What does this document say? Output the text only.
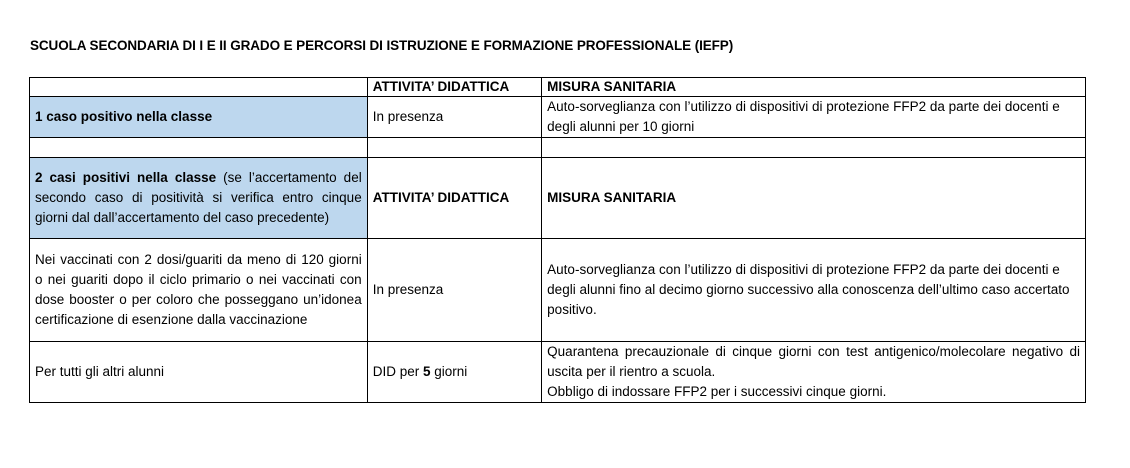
SCUOLA SECONDARIA DI I E II GRADO E PERCORSI DI ISTRUZIONE E FORMAZIONE PROFESSIONALE (IEFP)
	ATTIVITA’ DIDATTICA	MISURA SANITARIA
1 caso positivo nella classe	In presenza	Auto-sorveglianza con l’utilizzo di dispositivi di protezione FFP2 da parte dei docenti e degli alunni per 10 giorni

2 casi positivi nella classe (se l’accertamento del secondo caso di positività si verifica entro cinque giorni dal dall’accertamento del caso precedente)	ATTIVITA’ DIDATTICA	MISURA SANITARIA
Nei vaccinati con 2 dosi/guariti da meno di 120 giorni o nei guariti dopo il ciclo primario o nei vaccinati con dose booster o per coloro che posseggano un’idonea certificazione di esenzione dalla vaccinazione	In presenza	Auto-sorveglianza con l’utilizzo di dispositivi di protezione FFP2 da parte dei docenti e degli alunni fino al decimo giorno successivo alla conoscenza dell’ultimo caso accertato positivo.
Per tutti gli altri alunni	DID per 5 giorni	Quarantena precauzionale di cinque giorni con test antigenico/molecolare negativo di uscita per il rientro a scuola.
Obbligo di indossare FFP2 per i successivi cinque giorni.
